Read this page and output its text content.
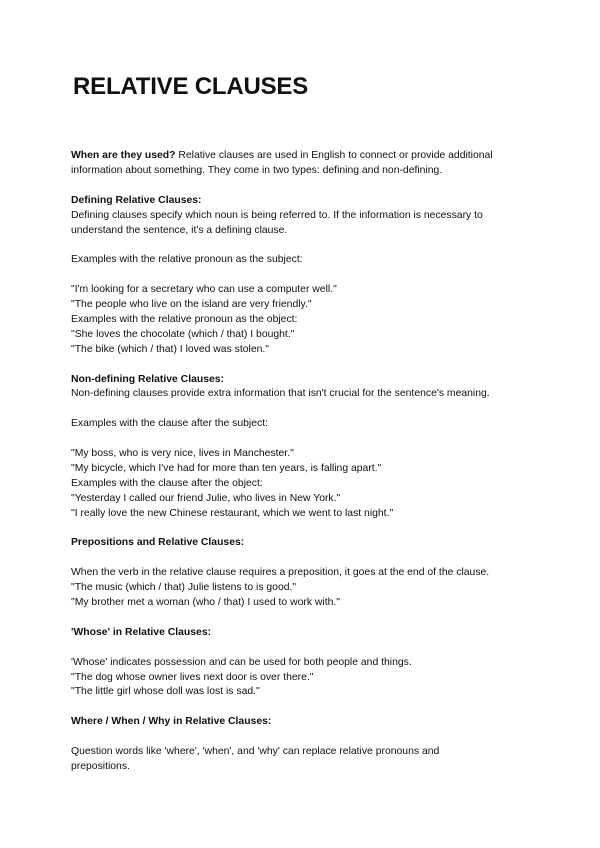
RELATIVE CLAUSES

When are they used? Relative clauses are used in English to connect or provide additional

information about something. They come in two types: defining and non-defining.

Defining Relative Clauses:

Defining clauses specify which noun is being referred to. If the information is necessary to

understand the sentence, it's a defining clause.

Examples with the relative pronoun as the subject:

"I'm looking for a secretary who can use a computer well."

"The people who live on the island are very friendly."

Examples with the relative pronoun as the object:

"She loves the chocolate (which / that) I bought."

"The bike (which / that) I loved was stolen."

Non-defining Relative Clauses:

Non-defining clauses provide extra information that isn't crucial for the sentence's meaning.

Examples with the clause after the subject:

"My boss, who is very nice, lives in Manchester."

"My bicycle, which I've had for more than ten years, is falling apart."

Examples with the clause after the object:

"Yesterday I called our friend Julie, who lives in New York."

"I really love the new Chinese restaurant, which we went to last night."

Prepositions and Relative Clauses:

When the verb in the relative clause requires a preposition, it goes at the end of the clause.

"The music (which / that) Julie listens to is good."

"My brother met a woman (who / that) I used to work with."

'Whose' in Relative Clauses:

'Whose' indicates possession and can be used for both people and things.

"The dog whose owner lives next door is over there."

"The little girl whose doll was lost is sad."

Where / When / Why in Relative Clauses:

Question words like 'where', 'when', and 'why' can replace relative pronouns and

prepositions.
